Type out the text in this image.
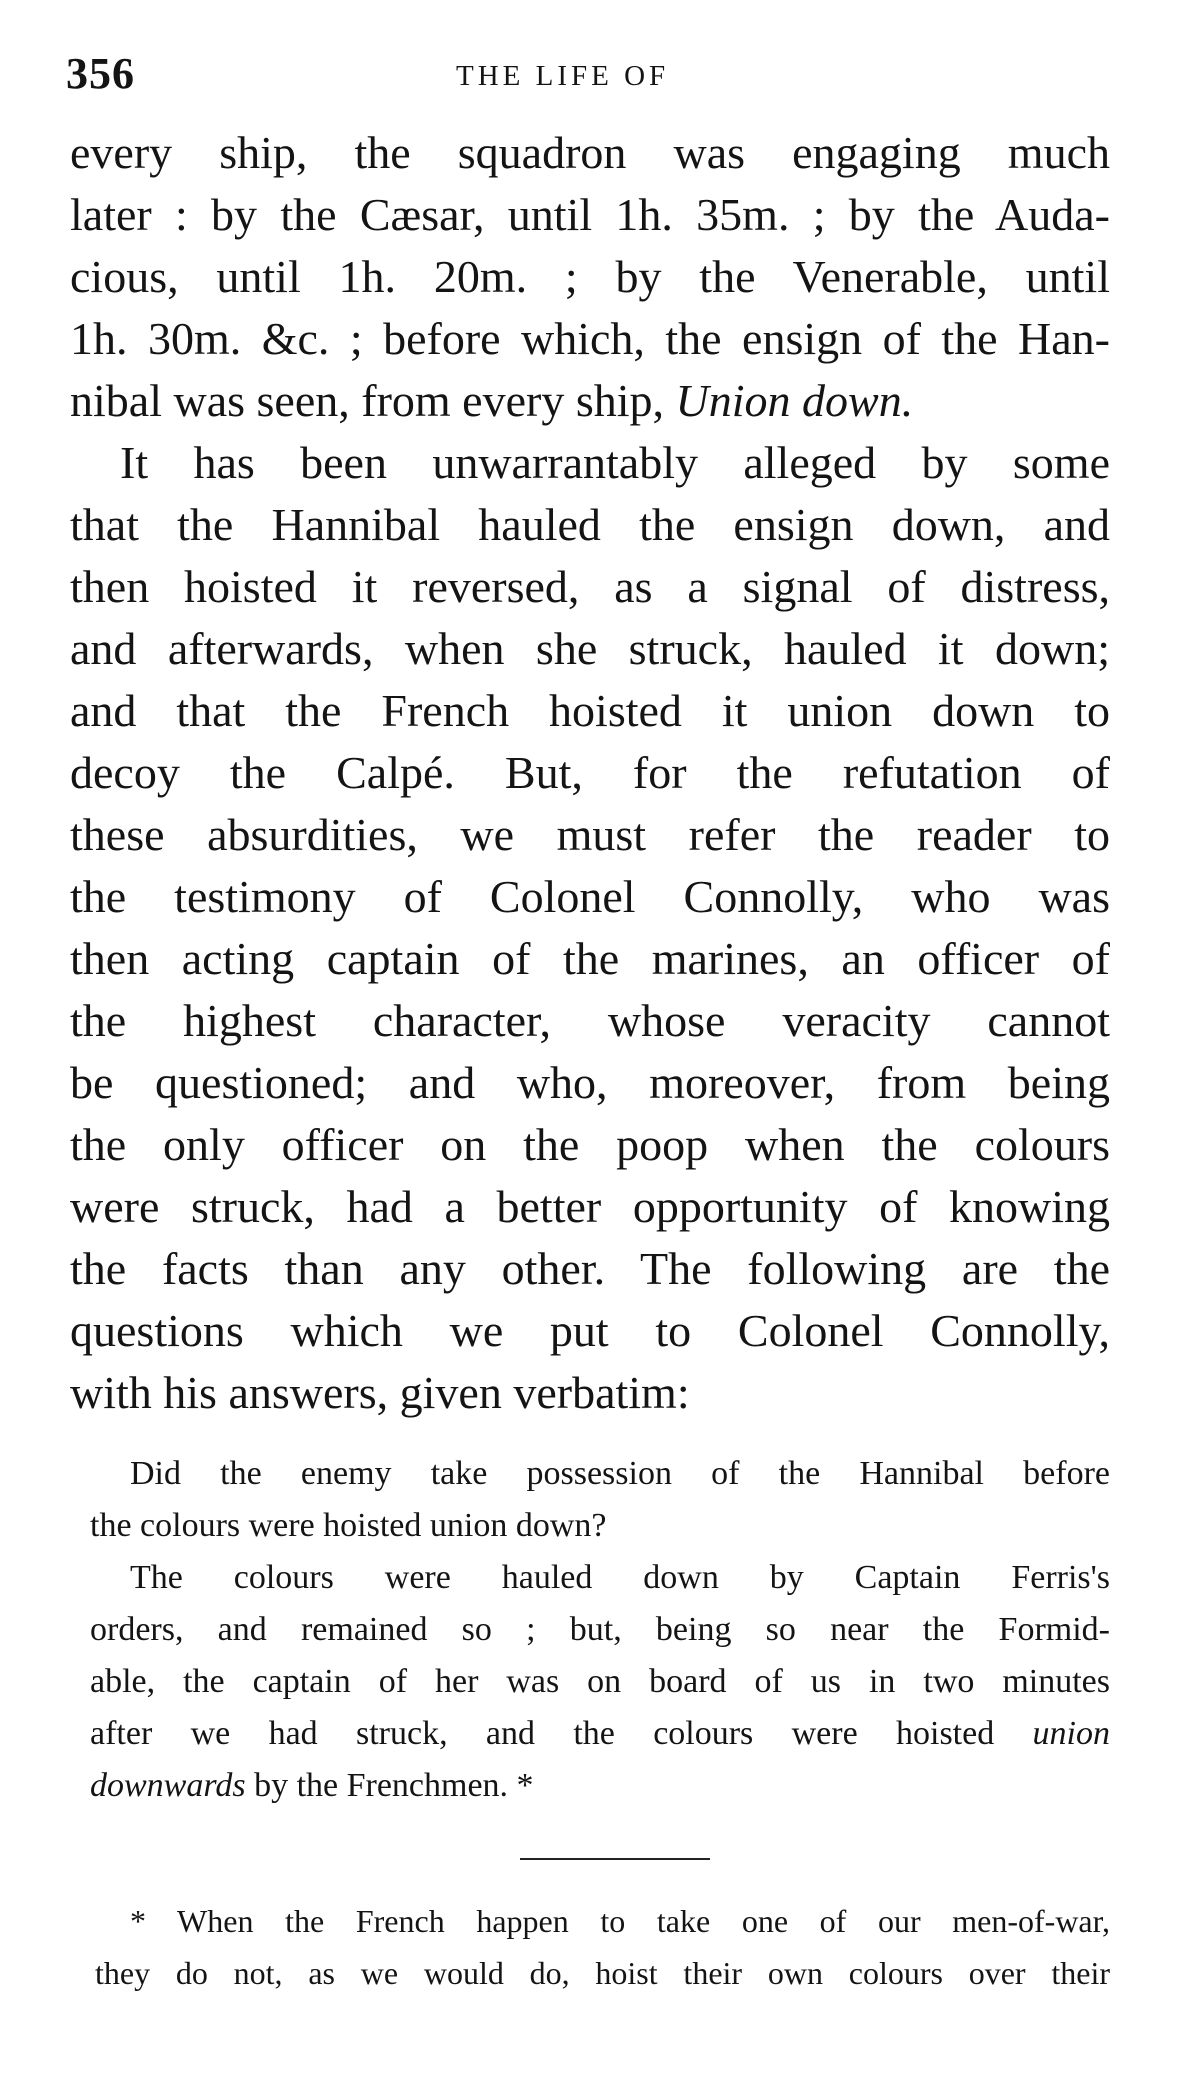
356	THE LIFE OF
every ship, the squadron was engaging much
later : by the Cæsar, until 1h. 35m. ; by the Auda-
cious, until 1h. 20m. ; by the Venerable, until
1h. 30m. &c. ; before which, the ensign of the Han-
nibal was seen, from every ship, Union down.
It has been unwarrantably alleged by some
that the Hannibal hauled the ensign down, and
then hoisted it reversed, as a signal of distress,
and afterwards, when she struck, hauled it down;
and that the French hoisted it union down to
decoy the Calpé. But, for the refutation of
these absurdities, we must refer the reader to
the testimony of Colonel Connolly, who was
then acting captain of the marines, an officer of
the highest character, whose veracity cannot
be questioned; and who, moreover, from being
the only officer on the poop when the colours
were struck, had a better opportunity of knowing
the facts than any other. The following are the
questions which we put to Colonel Connolly,
with his answers, given verbatim:
Did the enemy take possession of the Hannibal before
the colours were hoisted union down?
The colours were hauled down by Captain Ferris's
orders, and remained so ; but, being so near the Formid-
able, the captain of her was on board of us in two minutes
after we had struck, and the colours were hoisted union
downwards by the Frenchmen. *
* When the French happen to take one of our men-of-war,
they do not, as we would do, hoist their own colours over their
